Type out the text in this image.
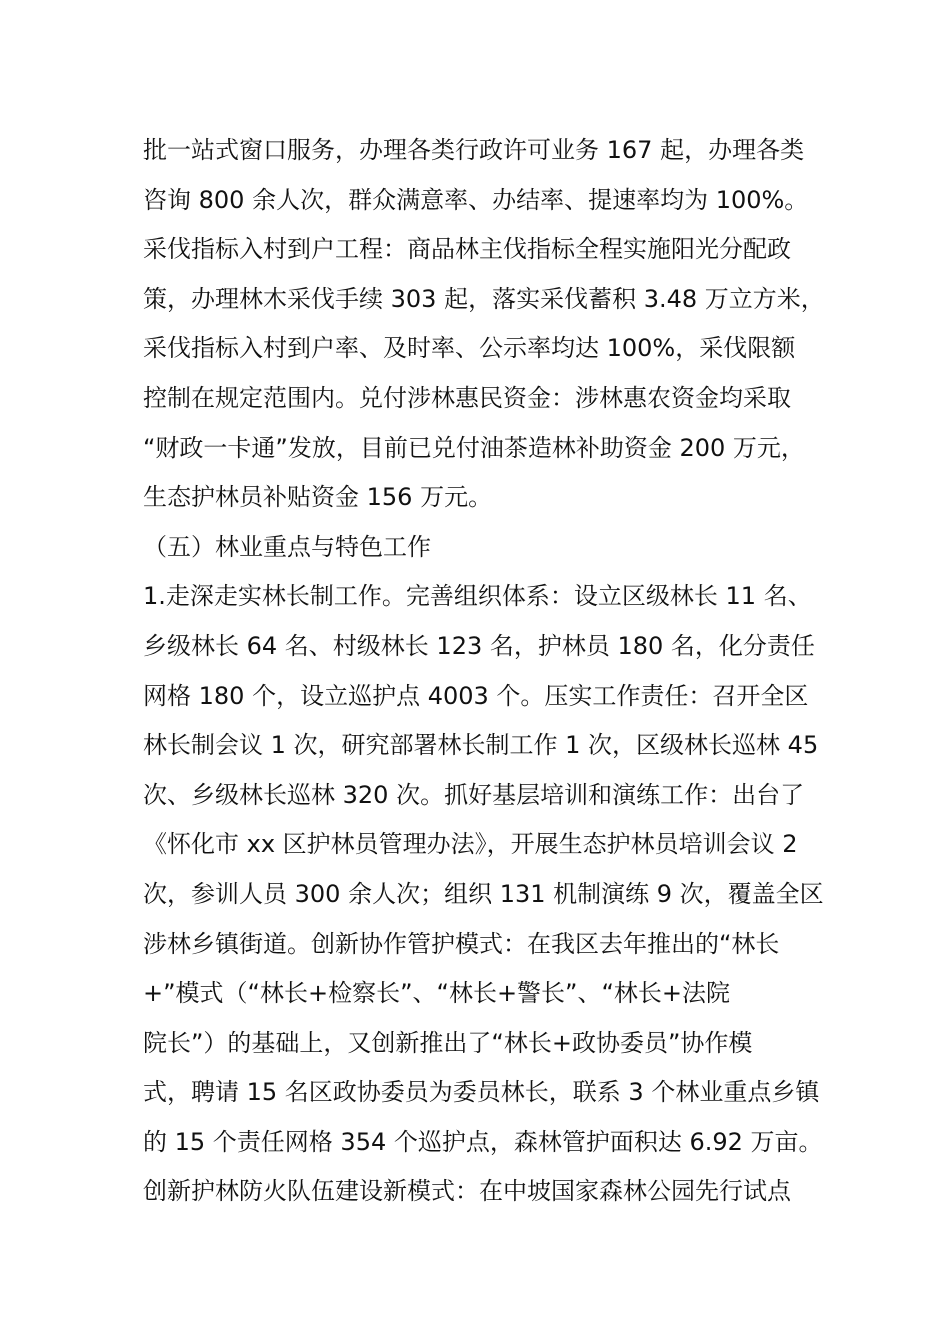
批一站式窗口服务，办理各类行政许可业务 167 起，办理各类
咨询 800 余人次，群众满意率、办结率、提速率均为 100%。
采伐指标入村到户工程：商品林主伐指标全程实施阳光分配政
策，办理林木采伐手续 303 起，落实采伐蓄积 3.48 万立方米，
采伐指标入村到户率、及时率、公示率均达 100%，采伐限额
控制在规定范围内。兑付涉林惠民资金：涉林惠农资金均采取
“财政一卡通”发放，目前已兑付油茶造林补助资金 200 万元，
生态护林员补贴资金 156 万元。
（五）林业重点与特色工作
1.走深走实林长制工作。完善组织体系：设立区级林长 11 名、
乡级林长 64 名、村级林长 123 名，护林员 180 名，化分责任
网格 180 个，设立巡护点 4003 个。压实工作责任：召开全区
林长制会议 1 次，研究部署林长制工作 1 次，区级林长巡林 45
次、乡级林长巡林 320 次。抓好基层培训和演练工作：出台了
《怀化市 xx 区护林员管理办法》，开展生态护林员培训会议 2
次，参训人员 300 余人次；组织 131 机制演练 9 次，覆盖全区
涉林乡镇街道。创新协作管护模式：在我区去年推出的“林长
+”模式（“林长+检察长”、“林长+警长”、“林长+法院
院长”）的基础上，又创新推出了“林长+政协委员”协作模
式，聘请 15 名区政协委员为委员林长，联系 3 个林业重点乡镇
的 15 个责任网格 354 个巡护点，森林管护面积达 6.92 万亩。
创新护林防火队伍建设新模式：在中坡国家森林公园先行试点
